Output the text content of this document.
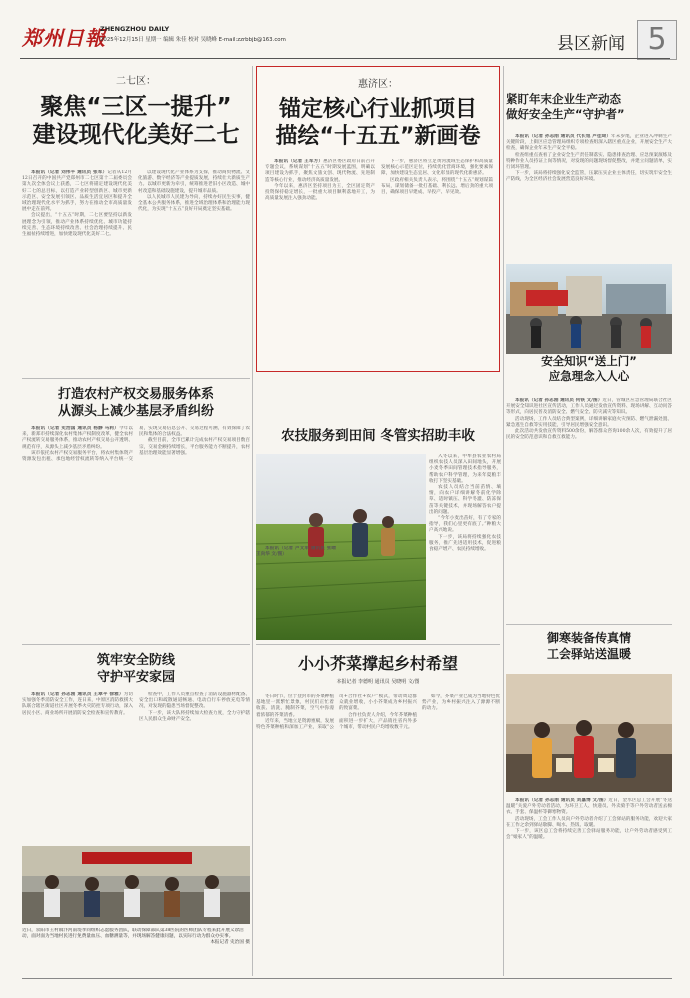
郑州日報
ZHENGZHOU DAILY
2025年12月15日 星期一 编辑 朱佳 校对 吴晓峰 E-mail:zzrbbjb@163.com	县区新闻 5
二七区：
聚焦“三区一提升”
建设现代化美好二七

本报讯（记者 刘伟平 通讯员 张军）记者从12月12日召开的中国共产党郑州市二七区第十二届委员会第九次全体会议上获悉，二七区将锚定建设现代化美好二七的总目标，以打造产业转型创新区、城市更新示范区、安全发展引领区、品质生活宜居区和提升全域治理现代化水平为抓手，努力在推动全市高质量发展中走在前列。

会议提出，“十五五”时期，二七区要坚持以新发展理念为引领，推动产业体系持续优化、城市功能持续完善、生态环境持续改善、社会治理持续提升、民生福祉持续增进，加快建设现代化美好二七。

以建设现代化产业体系为支撑，推动商贸物流、文化旅游、数字经济等产业提质发展，持续壮大新质生产力。以城市更新为牵引，统筹推进老旧小区改造、城中村改造和基础设施建设，提升城市品质。

以人民城市人民建为导向，持续办好民生实事，健全基本公共服务体系，推进全域治理体系和治理能力现代化，为实现“十五五”良好开局奠定坚实基础。

惠济区：
锚定核心行业抓项目
描绘“十五五”新画卷

本报讯（记者 王军方）惠济区委区政府日前召开专题会议，系统谋划“十五五”时期发展蓝图，明确以项目建设为抓手，聚焦文旅文创、现代物流、先进制造等核心行业，推动经济高质量发展。

今年以来，惠济区坚持项目为王，全区固定资产投资保持稳定增长，一批重大项目顺利落地开工，为高质量发展注入强劲动能。

下一步，惠济区将立足黄河流域生态保护和高质量发展核心示范区定位，持续优化营商环境，强化要素保障，加快建设生态宜居、文化彰显的现代化新惠济。

区政府相关负责人表示，将围绕“十五五”规划谋篇布局，谋划储备一批打基础、利长远、增后劲的重大项目，确保项目早建成、早投产、早见效。

紧盯年末企业生产动态
做好安全生产“守护者”

本报讯（记者 孙志刚 通讯员 代长旭 卢佳琦）年末岁尾，企业进入冲刺生产关键阶段，上街区应急管理局组织专项检查组深入辖区重点企业，开展安全生产大检查，确保企业年末生产安全平稳。

检查组重点查看了企业安全生产责任制落实、隐患排查治理、应急预案演练及特种作业人员持证上岗等情况，对发现的问题现场督促整改，并建立问题清单，实行闭环管理。

下一步，该局将持续强化安全监管，压紧压实企业主体责任，切实筑牢安全生产防线，为全区经济社会发展营造良好环境。

安全知识“送上门”
应急理念入人心

本报讯（记者 孙志刚 通讯员 何铁 文/图）近日，管城区应急管理局联合社区开展安全知识进社区宣传活动，工作人员通过发放宣传资料、现场讲解、互动问答等形式，向居民普及消防安全、燃气安全、防灾减灾等知识。

活动现场，工作人员结合典型案例，详细讲解家庭火灾预防、燃气泄漏处置、紧急逃生自救等实用技能，引导居民增强安全意识。

此次活动共发放宣传资料500余份，解答群众咨询100余人次，有效提升了居民的安全防范意识和自救互救能力。

打造农村产权交易服务体系
从源头上减少基层矛盾纠纷

本报讯（记者 史治国 通讯员 杨静 马莉）今年以来，新郑市持续深化农村集体产权制度改革，健全农村产权流转交易服务体系，推动农村产权交易公开透明、规范有序，从源头上减少基层矛盾纠纷。

该市依托农村产权交易服务平台，将农村集体资产资源发包出租、承包地经营权流转等纳入平台统一交易，实现交易信息公开、交易过程可溯，有效保障了农民和集体的合法权益。

截至目前，全市已累计完成农村产权交易项目数百宗，交易金额持续增长，平台服务能力不断提升，农村基层治理效能显著增强。

农技服务到田间 冬管实招助丰收

本报讯（记者 卢文军 通讯员 张晴 王向华 文/图）

入冬以来，中牟县农业农村局组织农技人员深入田间地头，开展小麦冬季田间管理技术指导服务，帮助农户科学管理，为来年夏粮丰收打下坚实基础。

农技人员结合当前苗情、墒情，向农户详细讲解冬前化学除草、适时镇压、科学冬灌、防冻保苗等关键技术，并现场解答农户提出的问题。

“今年小麦出苗好，有了专家的指导，我们心里更有底了。”种粮大户高兴地说。

下一步，该局将持续强化农技服务，推广先进适用技术，促进粮食稳产增产、农民持续增收。

筑牢安全防线
守护平安家园

本报讯（记者 孙志刚 通讯员 王翠平 徐雅）为切实加强冬季消防安全工作，连日来，中原区消防救援大队联合辖区街道社区开展冬季火灾防控专项行动，深入居民小区、商业场所开展消防安全检查和宣传教育。

检查中，工作人员重点检查了消防设施器材配备、安全出口和疏散通道畅通、电动自行车停放充电等情况，对发现的隐患当场督促整改。

下一步，该大队将持续加大检查力度，全力守护辖区人民群众生命财产安全。

近日，荥阳市王村镇汴河南堤孝同组织志愿服务团队，联动保障部队第38医院的医师团队专程来此开展义诊活动，面对面为当地村民进行免费量血压、血糖测量等，并现场解答健康问题，以实际行动为群众办实事。
本报记者 史治国 摄
小小芥菜撑起乡村希望
本报记者 李德明 通讯员 吴晓明 文/图

冬日时节，位于登封市的芥菜种植基地里一派繁忙景象，村民们正忙着收获、清洗、腌制芥菜，空气中弥漫着浓郁的芥菜清香。

近年来，当地立足资源禀赋，发展特色芥菜种植和深加工产业，采取“公司+合作社+农户”模式，带动周边群众就业增收，小小芥菜成为乡村振兴的致富菜。

合作社负责人介绍，今年芥菜种植面积进一步扩大，产品销往省内外多个城市，带动村民户均增收数千元。

如今，芥菜产业已成为当地特色优势产业，为乡村振兴注入了源源不断的动力。

御寒装备传真情
工会驿站送温暖

本报讯（记者 孙志刚 通讯员 刘嘉博 文/图）近日，金水区总工会开展“冬送温暖”关爱户外劳动者活动，为环卫工人、快递员、外卖骑手等户外劳动者送去棉衣、手套、保温杯等御寒物资。

活动现场，工会工作人员向户外劳动者介绍了工会驿站的服务功能，欢迎大家在工作之余到驿站歇脚、喝水、热饭、取暖。

下一步，该区总工会将持续完善工会驿站服务功能，让户外劳动者感受到工会“娘家人”的温暖。
